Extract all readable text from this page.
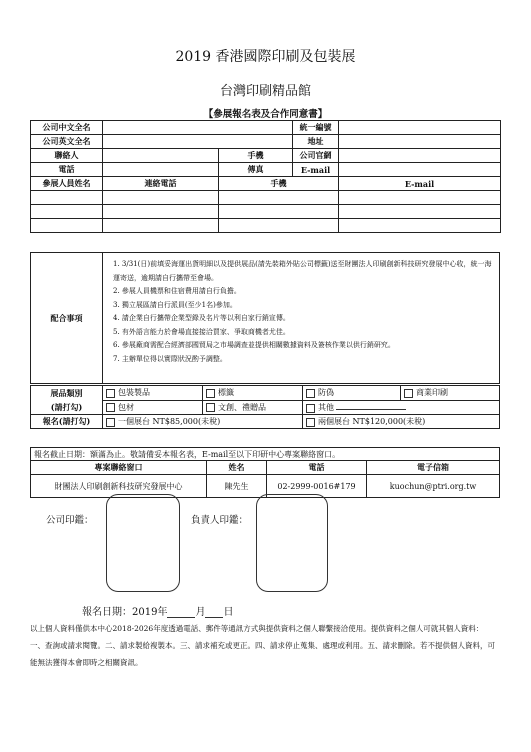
2019 香港國際印刷及包裝展
台灣印刷精品館
【參展報名表及合作同意書】
公司中文全名			統一編號	
公司英文全名			地址	
聯絡人		手機	公司官網	
電話		傳真	E-mail	
參展人員姓名	連絡電話	手機		E-mail

配合事項	
1. 3/31(日)前填妥海運出貨明細以及提供展品(請先裝箱外貼公司標籤)送至財團法人印刷創新科技研究發展中心收，統一海運寄送，逾期請自行攜帶至會場。
2. 參展人員機票和住宿費用請自行負擔。
3. 獨立展區請自行派員(至少1名)參加。
4. 請企業自行攜帶企業型錄及名片等以利自家行銷宣傳。
5. 有外語言能力於會場直接接洽買家、爭取商機者尤佳。
6. 參展廠商需配合經濟部國貿局之市場調查並提供相關數據資料及簽核作業以供行銷研究。
7. 主辦單位得以實際狀況酌予調整。
展品類別
(請打勾)	包裝製品	標籤	防偽	商業印刷
	包材	文創、禮贈品	其他	
報名(請打勾)	一個展台 NT$85,000(未稅)		兩個展台 NT$120,000(未稅)	
報名截止日期：額滿為止。敬請備妥本報名表，E-mail至以下印研中心專案聯絡窗口。			
專案聯絡窗口	姓名	電話	電子信箱
財團法人印刷創新科技研究發展中心	陳先生	02-2999-0016#179	kuochun@ptri.org.tw
公司印鑑：	負責人印鑑：
報名日期：2019年	月 日

以上個人資料僅供本中心2018-2026年度透過電話、郵件等通訊方式與提供資料之個人聯繫接洽使用。提供資料之個人可就其個人資料：

一、查詢或請求閱覽。二、請求製給複製本。三、請求補充或更正。四、請求停止蒐集、處理或利用。五、請求刪除。若不提供個人資料，可能無法獲得本會即時之相關資訊。
